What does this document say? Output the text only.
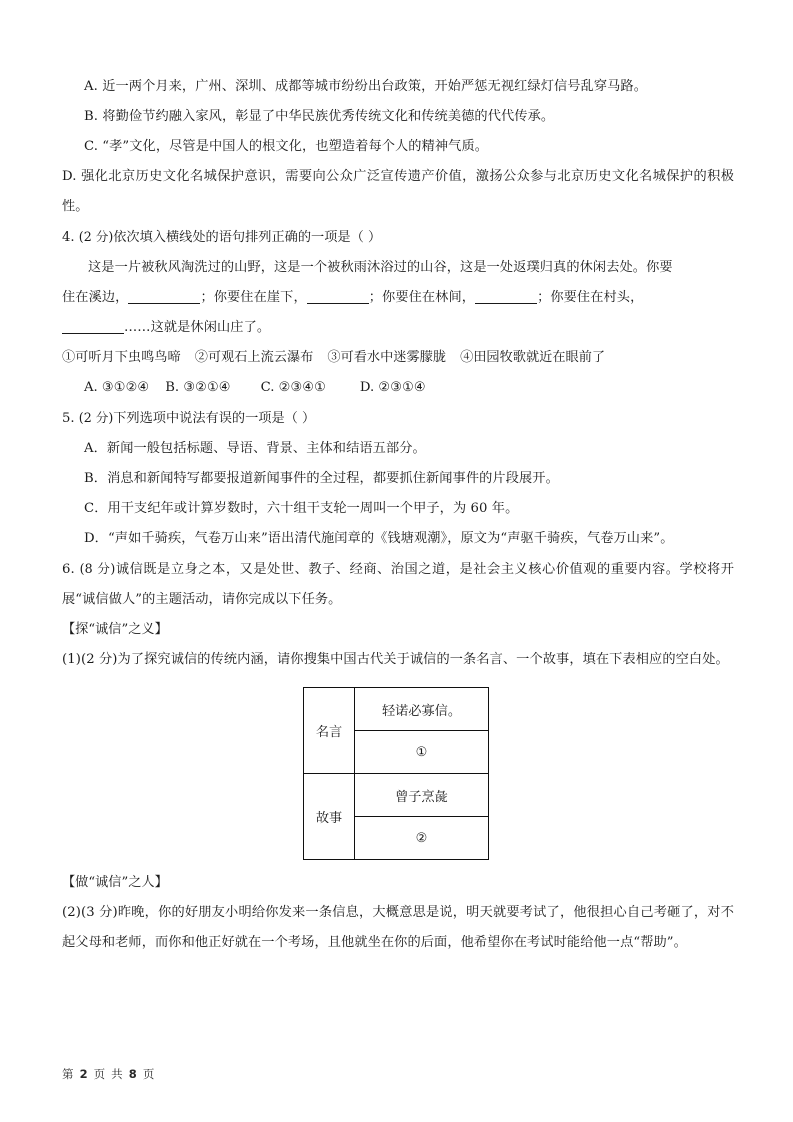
A. 近一两个月来，广州、深圳、成都等城市纷纷出台政策，开始严惩无视红绿灯信号乱穿马路。
B. 将勤俭节约融入家风，彰显了中华民族优秀传统文化和传统美德的代代传承。
C. “孝”文化，尽管是中国人的根文化，也塑造着每个人的精神气质。
D. 强化北京历史文化名城保护意识，需要向公众广泛宣传遗产价值，激扬公众参与北京历史文化名城保护的积极性。
4. (2 分)依次填入横线处的语句排列正确的一项是（ ）
这是一片被秋风淘洗过的山野，这是一个被秋雨沐浴过的山谷，这是一处返璞归真的休闲去处。你要
住在溪边，	；你要住在崖下，	；你要住在林间，	；你要住在村头，
……这就是休闲山庄了。
①可听月下虫鸣鸟啼 ②可观石上流云瀑布 ③可看水中迷雾朦胧 ④田园牧歌就近在眼前了
A. ③①②④ B. ③②①④ C. ②③④①	D. ②③①④
5. (2 分)下列选项中说法有误的一项是（ ）
A．新闻一般包括标题、导语、背景、主体和结语五部分。
B．消息和新闻特写都要报道新闻事件的全过程，都要抓住新闻事件的片段展开。
C．用干支纪年或计算岁数时，六十组干支轮一周叫一个甲子，为 60 年。
D．“声如千骑疾，气卷万山来”语出清代施闰章的《钱塘观潮》，原文为“声驱千骑疾，气卷万山来”。
6. (8 分)诚信既是立身之本，又是处世、教子、经商、治国之道，是社会主义核心价值观的重要内容。学校将开展“诚信做人”的主题活动，请你完成以下任务。
【探“诚信”之义】
(1)(2 分)为了探究诚信的传统内涵，请你搜集中国古代关于诚信的一条名言、一个故事，填在下表相应的空白处。
名言	轻诺必寡信。
	①
故事	曾子烹彘
	②
【做“诚信”之人】
(2)(3 分)昨晚，你的好朋友小明给你发来一条信息，大概意思是说，明天就要考试了，他很担心自己考砸了，对不起父母和老师，而你和他正好就在一个考场，且他就坐在你的后面，他希望你在考试时能给他一点“帮助”。
第 2 页 共 8 页
